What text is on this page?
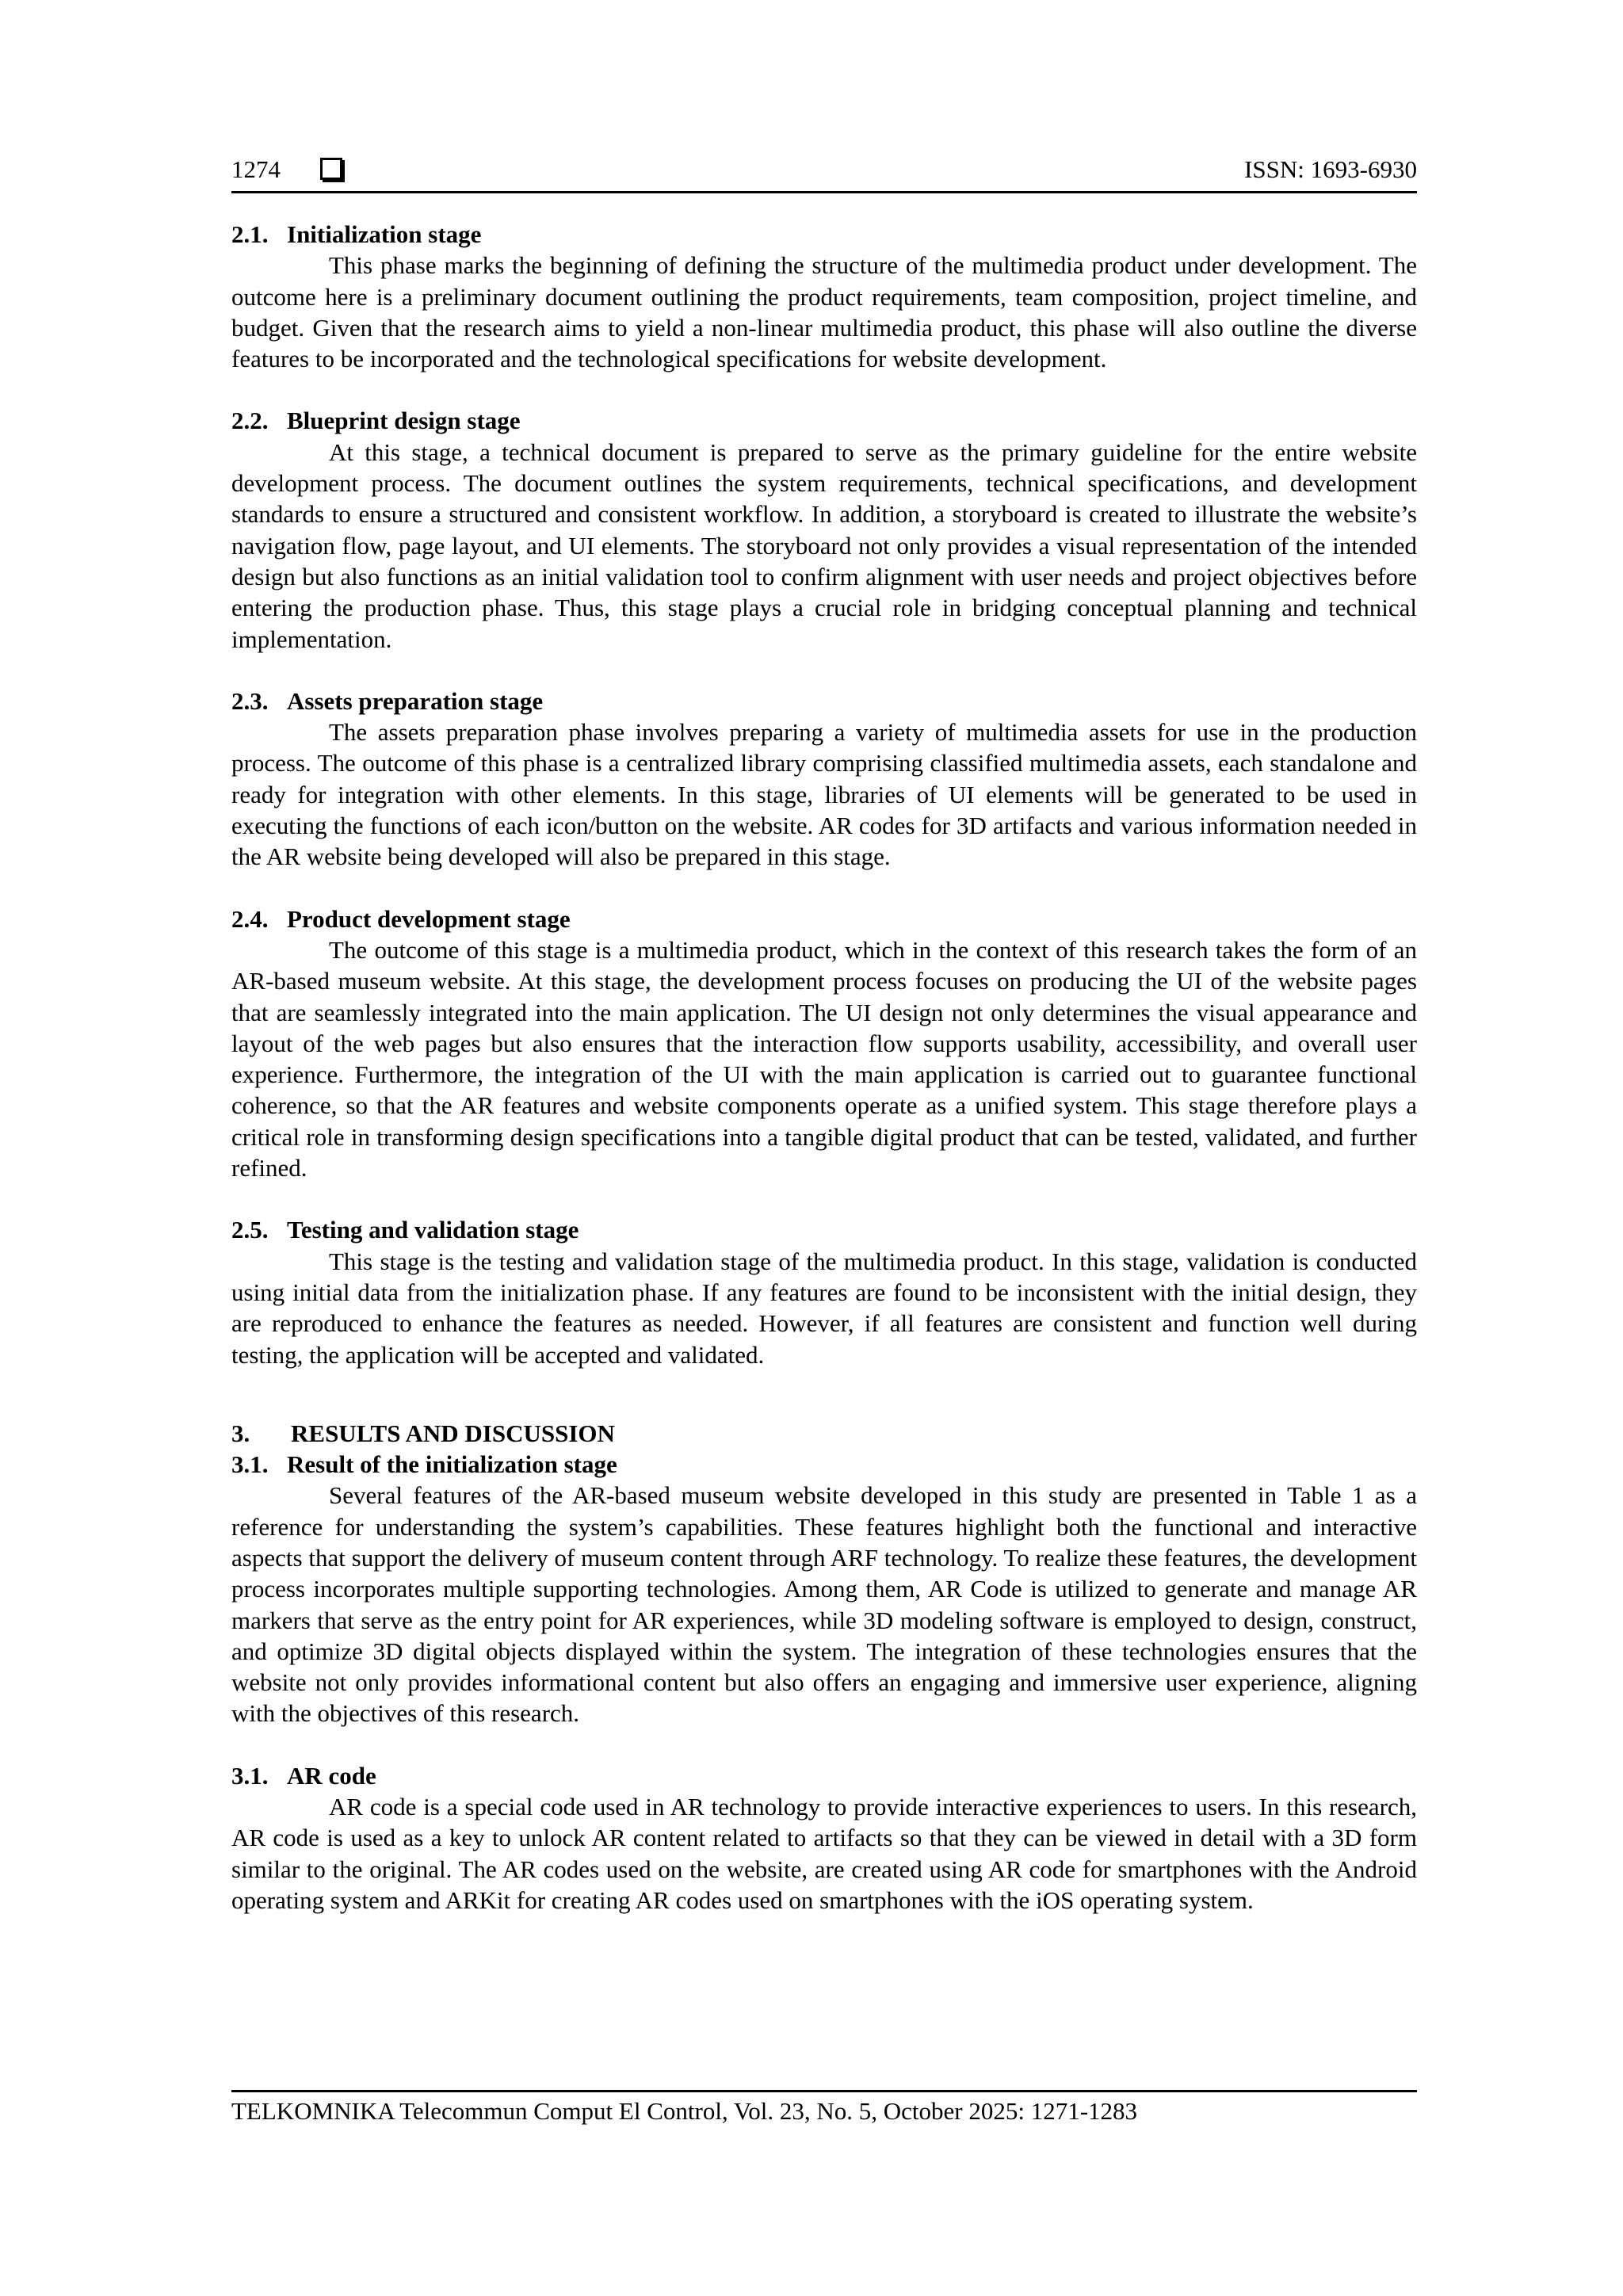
1274	ISSN: 1693-6930
2.1. Initialization stage

This phase marks the beginning of defining the structure of the multimedia product under development. The outcome here is a preliminary document outlining the product requirements, team composition, project timeline, and budget. Given that the research aims to yield a non-linear multimedia product, this phase will also outline the diverse features to be incorporated and the technological specifications for website development.

2.2. Blueprint design stage

At this stage, a technical document is prepared to serve as the primary guideline for the entire website development process. The document outlines the system requirements, technical specifications, and development standards to ensure a structured and consistent workflow. In addition, a storyboard is created to illustrate the website’s navigation flow, page layout, and UI elements. The storyboard not only provides a visual representation of the intended design but also functions as an initial validation tool to confirm alignment with user needs and project objectives before entering the production phase. Thus, this stage plays a crucial role in bridging conceptual planning and technical implementation.

2.3. Assets preparation stage

The assets preparation phase involves preparing a variety of multimedia assets for use in the production process. The outcome of this phase is a centralized library comprising classified multimedia assets, each standalone and ready for integration with other elements. In this stage, libraries of UI elements will be generated to be used in executing the functions of each icon/button on the website. AR codes for 3D artifacts and various information needed in the AR website being developed will also be prepared in this stage.

2.4. Product development stage

The outcome of this stage is a multimedia product, which in the context of this research takes the form of an AR-based museum website. At this stage, the development process focuses on producing the UI of the website pages that are seamlessly integrated into the main application. The UI design not only determines the visual appearance and layout of the web pages but also ensures that the interaction flow supports usability, accessibility, and overall user experience. Furthermore, the integration of the UI with the main application is carried out to guarantee functional coherence, so that the AR features and website components operate as a unified system. This stage therefore plays a critical role in transforming design specifications into a tangible digital product that can be tested, validated, and further refined.

2.5. Testing and validation stage

This stage is the testing and validation stage of the multimedia product. In this stage, validation is conducted using initial data from the initialization phase. If any features are found to be inconsistent with the initial design, they are reproduced to enhance the features as needed. However, if all features are consistent and function well during testing, the application will be accepted and validated.

3. RESULTS AND DISCUSSION
3.1. Result of the initialization stage

Several features of the AR-based museum website developed in this study are presented in Table 1 as a reference for understanding the system’s capabilities. These features highlight both the functional and interactive aspects that support the delivery of museum content through ARF technology. To realize these features, the development process incorporates multiple supporting technologies. Among them, AR Code is utilized to generate and manage AR markers that serve as the entry point for AR experiences, while 3D modeling software is employed to design, construct, and optimize 3D digital objects displayed within the system. The integration of these technologies ensures that the website not only provides informational content but also offers an engaging and immersive user experience, aligning with the objectives of this research.

3.1. AR code

AR code is a special code used in AR technology to provide interactive experiences to users. In this research, AR code is used as a key to unlock AR content related to artifacts so that they can be viewed in detail with a 3D form similar to the original. The AR codes used on the website, are created using AR code for smartphones with the Android operating system and ARKit for creating AR codes used on smartphones with the iOS operating system.

TELKOMNIKA Telecommun Comput El Control, Vol. 23, No. 5, October 2025: 1271-1283
